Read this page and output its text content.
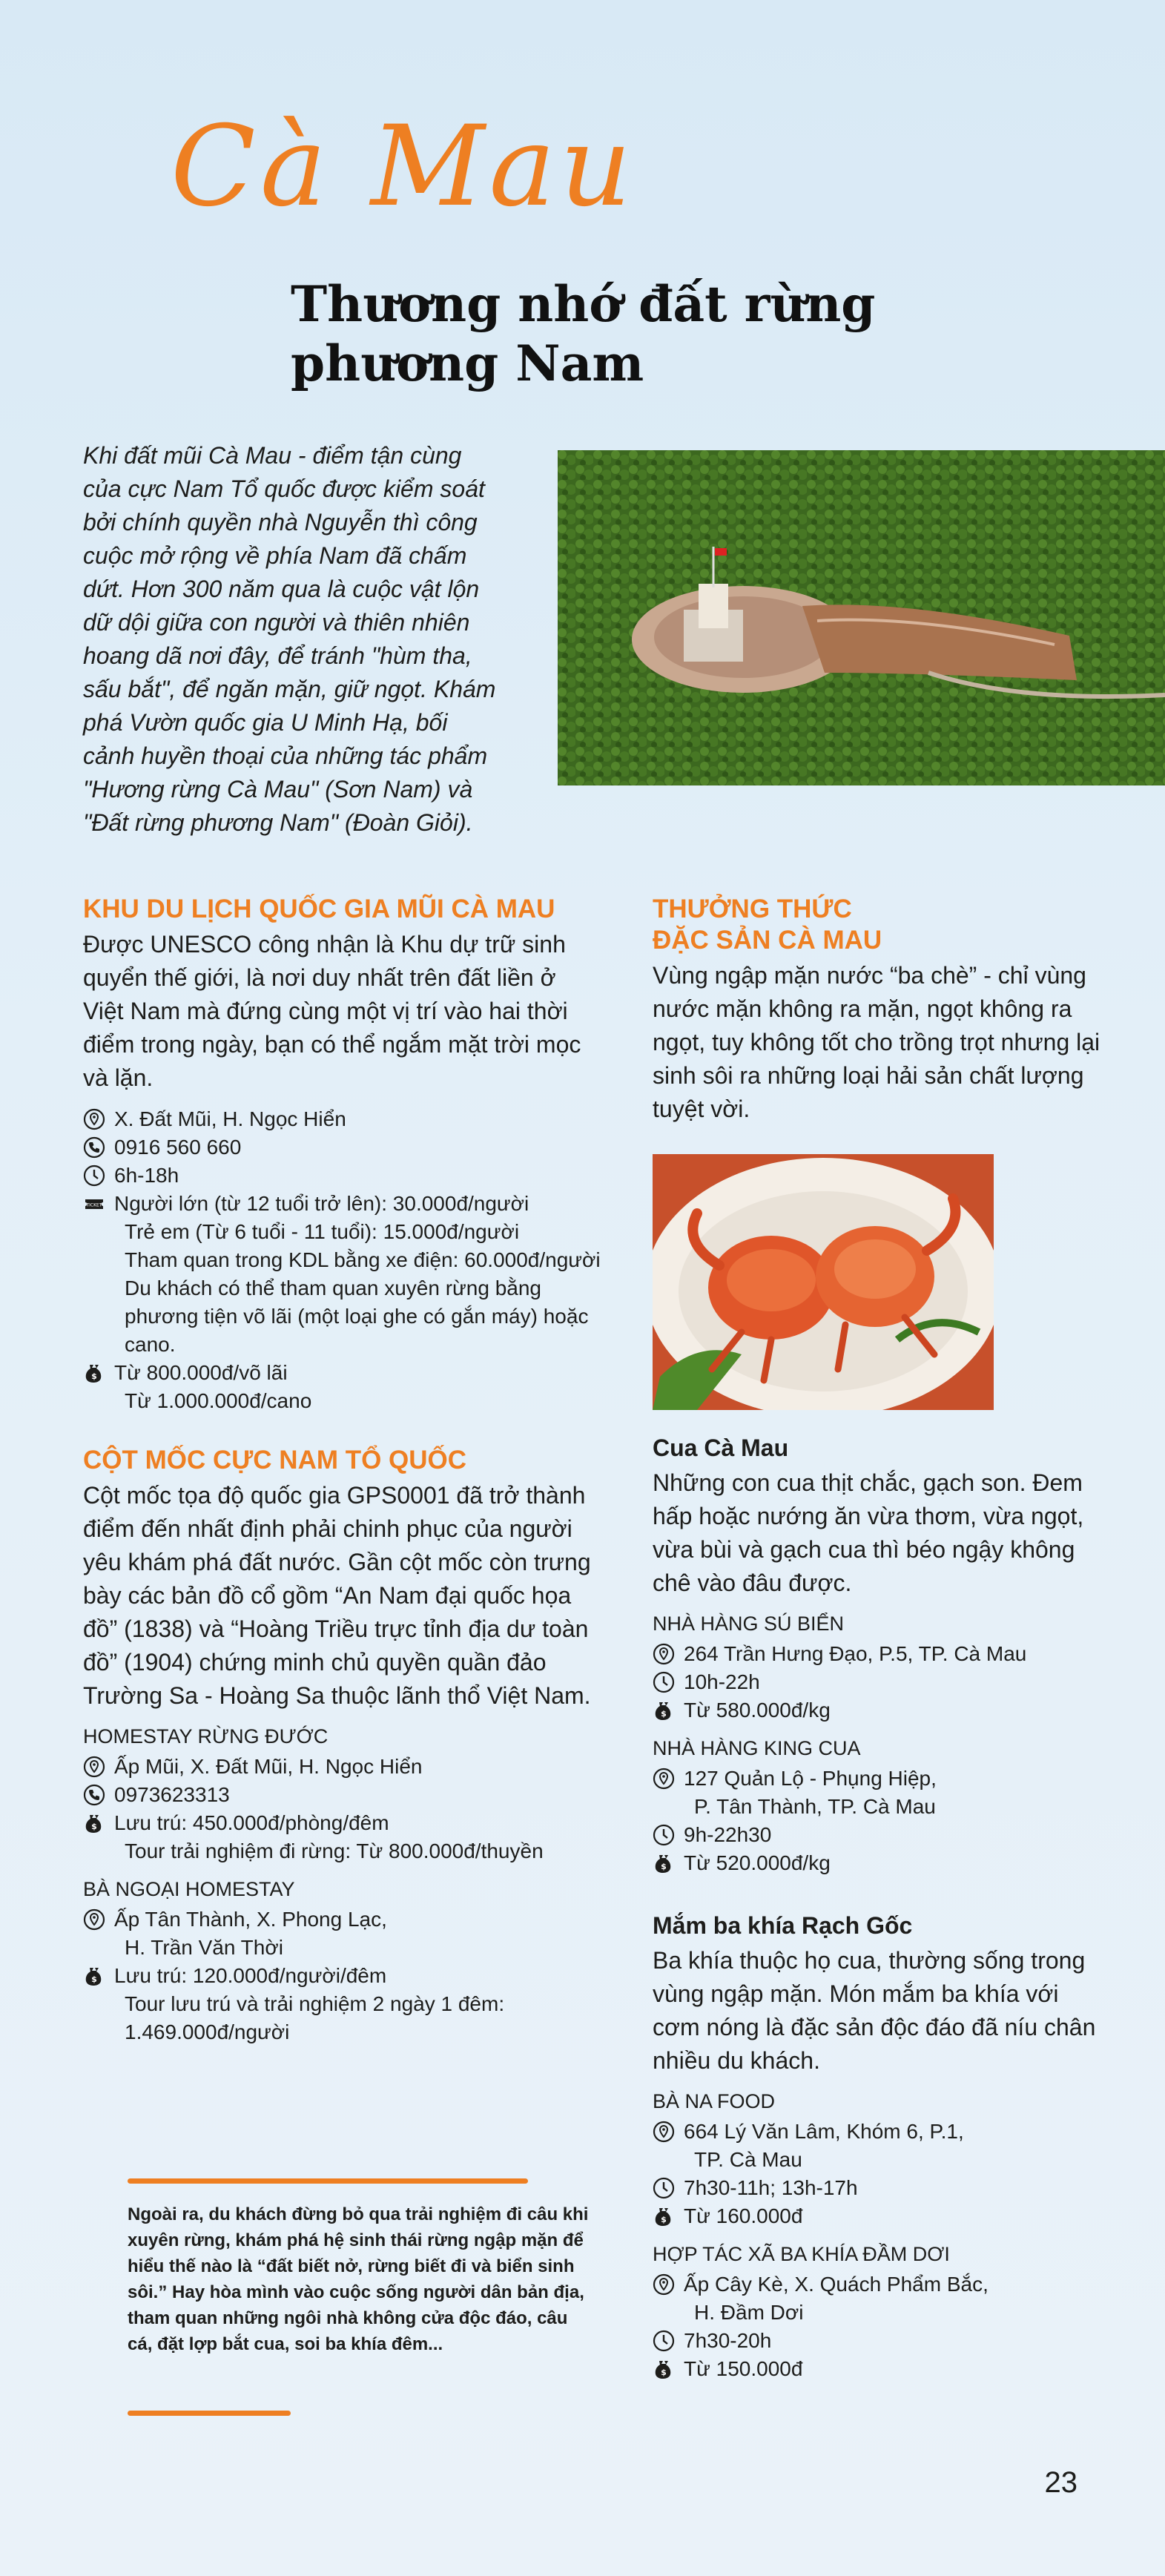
Cà Mau
Thương nhớ đất rừng
phương Nam
Khi đất mũi Cà Mau - điểm tận cùng của cực Nam Tổ quốc được kiểm soát bởi chính quyền nhà Nguyễn thì công cuộc mở rộng về phía Nam đã chấm dứt. Hơn 300 năm qua là cuộc vật lộn dữ dội giữa con người và thiên nhiên hoang dã nơi đây, để tránh "hùm tha, sấu bắt", để ngăn mặn, giữ ngọt. Khám phá Vườn quốc gia U Minh Hạ, bối cảnh huyền thoại của những tác phẩm "Hương rừng Cà Mau" (Sơn Nam) và "Đất rừng phương Nam" (Đoàn Giỏi).
KHU DU LỊCH QUỐC GIA MŨI CÀ MAU

Được UNESCO công nhận là Khu dự trữ sinh quyển thế giới, là nơi duy nhất trên đất liền ở Việt Nam mà đứng cùng một vị trí vào hai thời điểm trong ngày, bạn có thể ngắm mặt trời mọc và lặn.

X. Đất Mũi, H. Ngọc Hiển
0916 560 660
6h-18h
Người lớn (từ 12 tuổi trở lên): 30.000đ/người
Trẻ em (Từ 6 tuổi - 11 tuổi): 15.000đ/người
Tham quan trong KDL bằng xe điện: 60.000đ/người
Du khách có thể tham quan xuyên rừng bằng phương tiện võ lãi (một loại ghe có gắn máy) hoặc cano.
Từ 800.000đ/võ lãi
Từ 1.000.000đ/cano
CỘT MỐC CỰC NAM TỔ QUỐC

Cột mốc tọa độ quốc gia GPS0001 đã trở thành điểm đến nhất định phải chinh phục của người yêu khám phá đất nước. Gần cột mốc còn trưng bày các bản đồ cổ gồm “An Nam đại quốc họa đồ” (1838) và “Hoàng Triều trực tỉnh địa dư toàn đồ” (1904) chứng minh chủ quyền quần đảo Trường Sa - Hoàng Sa thuộc lãnh thổ Việt Nam.

HOMESTAY RỪNG ĐƯỚC
Ấp Mũi, X. Đất Mũi, H. Ngọc Hiển
0973623313
Lưu trú: 450.000đ/phòng/đêm
Tour trải nghiệm đi rừng: Từ 800.000đ/thuyền
BÀ NGOẠI HOMESTAY
Ấp Tân Thành, X. Phong Lạc,
H. Trần Văn Thời
Lưu trú: 120.000đ/người/đêm
Tour lưu trú và trải nghiệm 2 ngày 1 đêm: 1.469.000đ/người
Ngoài ra, du khách đừng bỏ qua trải nghiệm đi câu khi xuyên rừng, khám phá hệ sinh thái rừng ngập mặn để hiểu thế nào là “đất biết nở, rừng biết đi và biển sinh sôi.” Hay hòa mình vào cuộc sống người dân bản địa, tham quan những ngôi nhà không cửa độc đáo, câu cá, đặt lợp bắt cua, soi ba khía đêm...
THƯỞNG THỨC
ĐẶC SẢN CÀ MAU

Vùng ngập mặn nước “ba chè” - chỉ vùng nước mặn không ra mặn, ngọt không ra ngọt, tuy không tốt cho trồng trọt nhưng lại sinh sôi ra những loại hải sản chất lượng tuyệt vời.

Cua Cà Mau

Những con cua thịt chắc, gạch son. Đem hấp hoặc nướng ăn vừa thơm, vừa ngọt, vừa bùi và gạch cua thì béo ngậy không chê vào đâu được.

NHÀ HÀNG SÚ BIỂN
264 Trần Hưng Đạo, P.5, TP. Cà Mau
10h-22h
Từ 580.000đ/kg
NHÀ HÀNG KING CUA
127 Quản Lộ - Phụng Hiệp,
P. Tân Thành, TP. Cà Mau
9h-22h30
Từ 520.000đ/kg
Mắm ba khía Rạch Gốc

Ba khía thuộc họ cua, thường sống trong vùng ngập mặn. Món mắm ba khía với cơm nóng là đặc sản độc đáo đã níu chân nhiều du khách.

BÀ NA FOOD
664 Lý Văn Lâm, Khóm 6, P.1,
TP. Cà Mau
7h30-11h; 13h-17h
Từ 160.000đ
HỢP TÁC XÃ BA KHÍA ĐẦM DƠI
Ấp Cây Kè, X. Quách Phẩm Bắc,
H. Đầm Dơi
7h30-20h
Từ 150.000đ
23
